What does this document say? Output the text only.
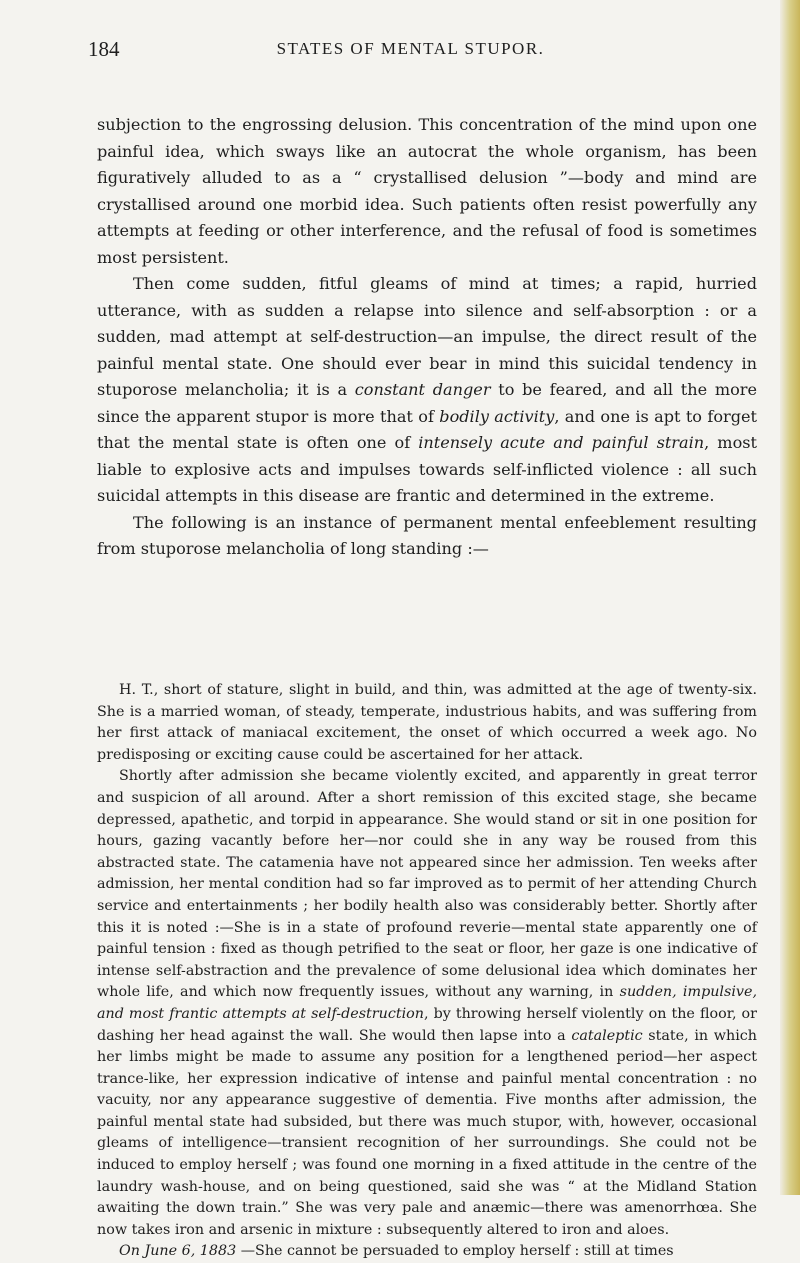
184	STATES OF MENTAL STUPOR.

subjection to the engrossing delusion. This concentration of the mind upon one painful idea, which sways like an autocrat the whole organism, has been figuratively alluded to as a “ crystallised delusion ”—body and mind are crystallised around one morbid idea. Such patients often resist powerfully any attempts at feeding or other interference, and the refusal of food is sometimes most persistent.

Then come sudden, fitful gleams of mind at times; a rapid, hurried utterance, with as sudden a relapse into silence and self-absorption : or a sudden, mad attempt at self-destruction—an impulse, the direct result of the painful mental state. One should ever bear in mind this suicidal tendency in stuporose melancholia; it is a constant danger to be feared, and all the more since the apparent stupor is more that of bodily activity, and one is apt to forget that the mental state is often one of intensely acute and painful strain, most liable to explosive acts and impulses towards self-inflicted violence : all such suicidal attempts in this disease are frantic and determined in the extreme.

The following is an instance of permanent mental enfeeblement resulting from stuporose melancholia of long standing :—

H. T., short of stature, slight in build, and thin, was admitted at the age of twenty-six. She is a married woman, of steady, temperate, industrious habits, and was suffering from her first attack of maniacal excitement, the onset of which occurred a week ago. No predisposing or exciting cause could be ascertained for her attack.

Shortly after admission she became violently excited, and apparently in great terror and suspicion of all around. After a short remission of this excited stage, she became depressed, apathetic, and torpid in appearance. She would stand or sit in one position for hours, gazing vacantly before her—nor could she in any way be roused from this abstracted state. The catamenia have not appeared since her admission. Ten weeks after admission, her mental condition had so far improved as to permit of her attending Church service and entertainments ; her bodily health also was considerably better. Shortly after this it is noted :—She is in a state of profound reverie—mental state apparently one of painful tension : fixed as though petrified to the seat or floor, her gaze is one indicative of intense self-abstraction and the prevalence of some delusional idea which dominates her whole life, and which now frequently issues, without any warning, in sudden, impulsive, and most frantic attempts at self-destruction, by throwing herself violently on the floor, or dashing her head against the wall. She would then lapse into a cataleptic state, in which her limbs might be made to assume any position for a lengthened period—her aspect trance-like, her expression indicative of intense and painful mental concentration : no vacuity, nor any appearance suggestive of dementia. Five months after admission, the painful mental state had subsided, but there was much stupor, with, however, occasional gleams of intelligence—transient recognition of her surroundings. She could not be induced to employ herself ; was found one morning in a fixed attitude in the centre of the laundry wash-house, and on being questioned, said she was “ at the Midland Station awaiting the down train.” She was very pale and anæmic—there was amenorrhœa. She now takes iron and arsenic in mixture : subsequently altered to iron and aloes.

On June 6, 1883 —She cannot be persuaded to employ herself : still at times
